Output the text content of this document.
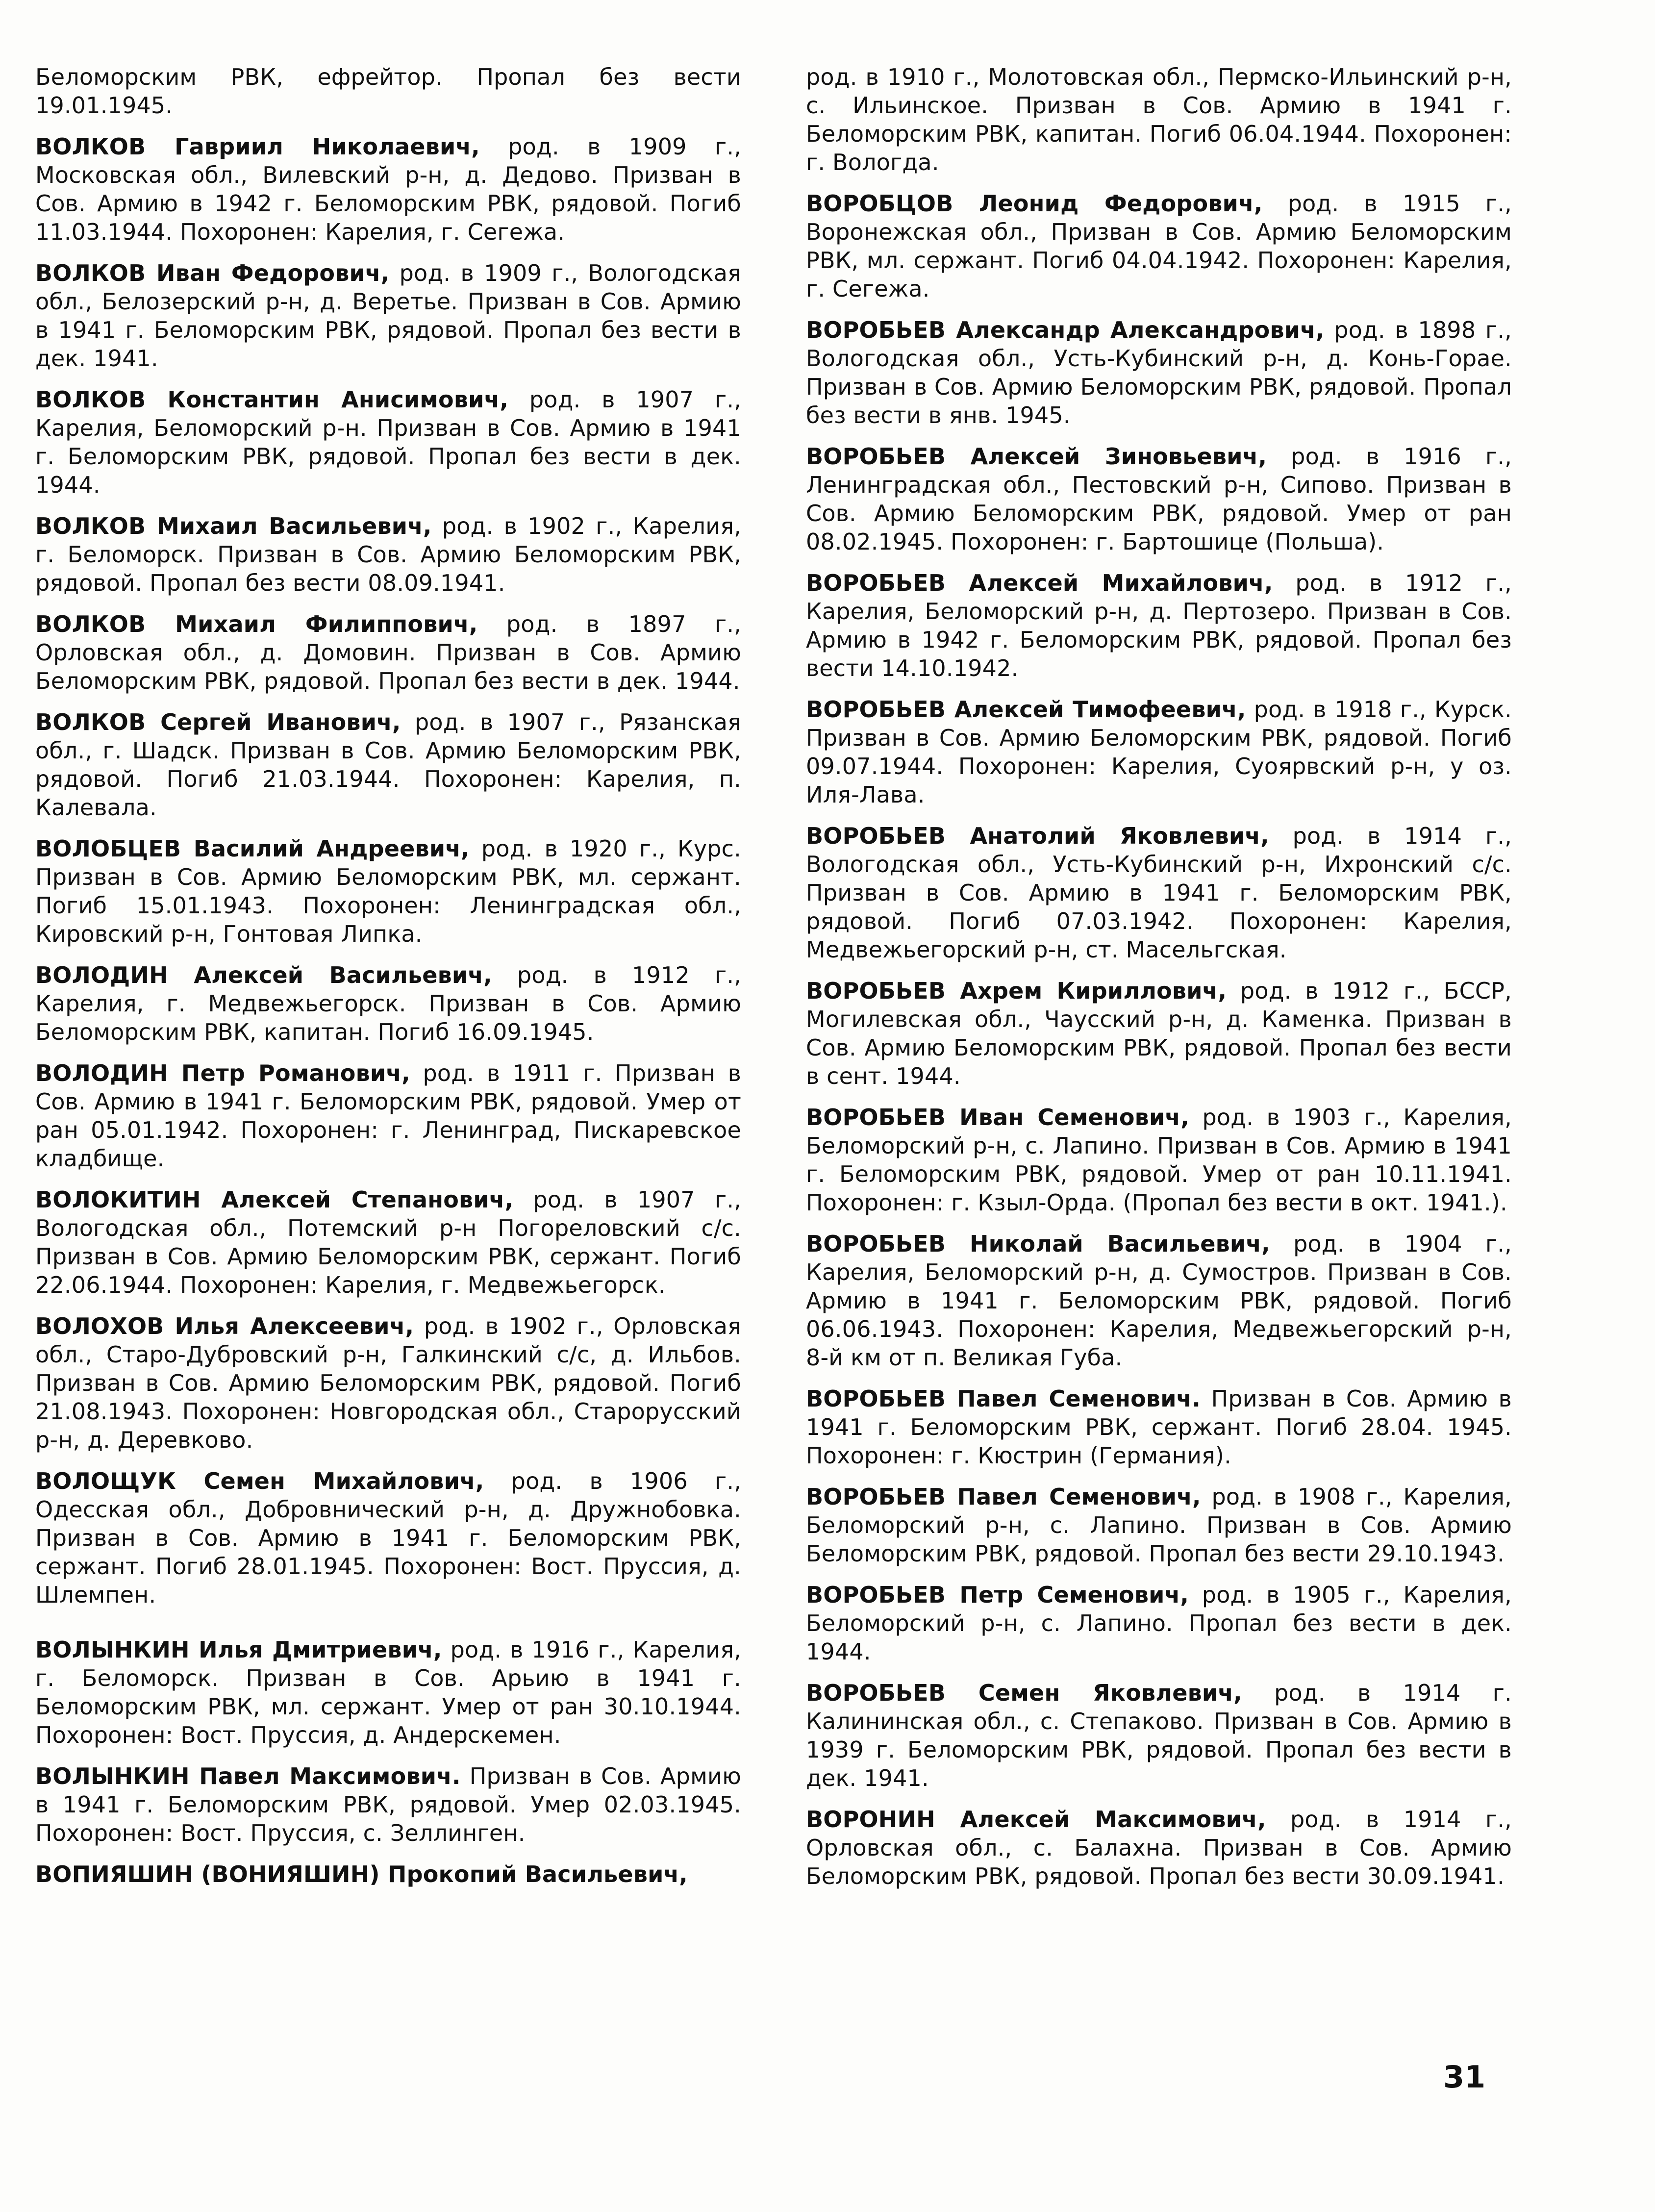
Беломорским РВК, ефрейтор. Пропал без вести 19.01.1945.

ВОЛКОВ Гавриил Николаевич, род. в 1909 г., Московская обл., Вилевский р-н, д. Дедово. Призван в Сов. Армию в 1942 г. Беломорским РВК, рядовой. Погиб 11.03.1944. Похоронен: Карелия, г. Сегежа.

ВОЛКОВ Иван Федорович, род. в 1909 г., Вологодская обл., Белозерский р-н, д. Веретье. Призван в Сов. Армию в 1941 г. Беломорским РВК, рядовой. Пропал без вести в дек. 1941.

ВОЛКОВ Константин Анисимович, род. в 1907 г., Карелия, Беломорский р-н. Призван в Сов. Армию в 1941 г. Беломорским РВК, рядовой. Пропал без вести в дек. 1944.

ВОЛКОВ Михаил Васильевич, род. в 1902 г., Карелия, г. Беломорск. Призван в Сов. Армию Беломорским РВК, рядовой. Пропал без вести 08.09.1941.

ВОЛКОВ Михаил Филиппович, род. в 1897 г., Орловская обл., д. Домовин. Призван в Сов. Армию Беломорским РВК, рядовой. Пропал без вести в дек. 1944.

ВОЛКОВ Сергей Иванович, род. в 1907 г., Рязанская обл., г. Шадск. Призван в Сов. Армию Беломорским РВК, рядовой. Погиб 21.03.1944. Похоронен: Карелия, п. Калевала.

ВОЛОБЦЕВ Василий Андреевич, род. в 1920 г., Курс. Призван в Сов. Армию Беломорским РВК, мл. сержант. Погиб 15.01.1943. Похоронен: Ленинградская обл., Кировский р-н, Гонтовая Липка.

ВОЛОДИН Алексей Васильевич, род. в 1912 г., Карелия, г. Медвежьегорск. Призван в Сов. Армию Беломорским РВК, капитан. Погиб 16.09.1945.

ВОЛОДИН Петр Романович, род. в 1911 г. Призван в Сов. Армию в 1941 г. Беломорским РВК, рядовой. Умер от ран 05.01.1942. Похоронен: г. Ленинград, Пискаревское кладбище.

ВОЛОКИТИН Алексей Степанович, род. в 1907 г., Вологодская обл., Потемский р-н Погореловский с/с. Призван в Сов. Армию Беломорским РВК, сержант. Погиб 22.06.1944. Похоронен: Карелия, г. Медвежьегорск.

ВОЛОХОВ Илья Алексеевич, род. в 1902 г., Орловская обл., Старо-Дубровский р-н, Галкинский с/с, д. Ильбов. Призван в Сов. Армию Беломорским РВК, рядовой. Погиб 21.08.1943. Похоронен: Новгородская обл., Старорусский р-н, д. Деревково.

ВОЛОЩУК Семен Михайлович, род. в 1906 г., Одесская обл., Добровничеcкий р-н, д. Дружнобовка. Призван в Сов. Армию в 1941 г. Беломорским РВК, сержант. Погиб 28.01.1945. Похоронен: Вост. Пруссия, д. Шлемпен.

ВОЛЫНКИН Илья Дмитриевич, род. в 1916 г., Карелия, г. Беломорск. Призван в Сов. Арьию в 1941 г. Беломорским РВК, мл. сержант. Умер от ран 30.10.1944. Похоронен: Вост. Пруссия, д. Андерскемен.

ВОЛЫНКИН Павел Максимович. Призван в Сов. Армию в 1941 г. Беломорским РВК, рядовой. Умер 02.03.1945. Похоронен: Вост. Пруссия, с. Зеллинген.

ВОПИЯШИН (ВОНИЯШИН) Прокопий Васильевич,

род. в 1910 г., Молотовская обл., Пермско-Ильинский р-н, с. Ильинское. Призван в Сов. Армию в 1941 г. Беломорским РВК, капитан. Погиб 06.04.1944. Похоронен: г. Вологда.

ВОРОБЦОВ Леонид Федорович, род. в 1915 г., Воронежская обл., Призван в Сов. Армию Беломорским РВК, мл. сержант. Погиб 04.04.1942. Похоронен: Карелия, г. Сегежа.

ВОРОБЬЕВ Александр Александрович, род. в 1898 г., Вологодская обл., Усть-Кубинский р-н, д. Конь-Горае. Призван в Сов. Армию Беломорским РВК, рядовой. Пропал без вести в янв. 1945.

ВОРОБЬЕВ Алексей Зиновьевич, род. в 1916 г., Ленинградская обл., Пестовский р-н, Сипово. Призван в Сов. Армию Беломорским РВК, рядовой. Умер от ран 08.02.1945. Похоронен: г. Бартошице (Польша).

ВОРОБЬЕВ Алексей Михайлович, род. в 1912 г., Карелия, Беломорский р-н, д. Пертозеро. Призван в Сов. Армию в 1942 г. Беломорским РВК, рядовой. Пропал без вести 14.10.1942.

ВОРОБЬЕВ Алексей Тимофеевич, род. в 1918 г., Курск. Призван в Сов. Армию Беломорским РВК, рядовой. Погиб 09.07.1944. Похоронен: Карелия, Суоярвский р-н, у оз. Иля-Лава.

ВОРОБЬЕВ Анатолий Яковлевич, род. в 1914 г., Вологодская обл., Усть-Кубинский р-н, Ихронский с/с. Призван в Сов. Армию в 1941 г. Беломорским РВК, рядовой. Погиб 07.03.1942. Похоронен: Карелия, Медвежьегорский р-н, ст. Масельгская.

ВОРОБЬЕВ Ахрем Кириллович, род. в 1912 г., БССР, Могилевская обл., Чаусский р-н, д. Каменка. Призван в Сов. Армию Беломорским РВК, рядовой. Пропал без вести в сент. 1944.

ВОРОБЬЕВ Иван Семенович, род. в 1903 г., Карелия, Беломорский р-н, с. Лапино. Призван в Сов. Армию в 1941 г. Беломорским РВК, рядовой. Умер от ран 10.11.1941. Похоронен: г. Кзыл-Орда. (Пропал без вести в окт. 1941.).

ВОРОБЬЕВ Николай Васильевич, род. в 1904 г., Карелия, Беломорский р-н, д. Сумостров. Призван в Сов. Армию в 1941 г. Беломорским РВК, рядовой. Погиб 06.06.1943. Похоронен: Карелия, Медвежьегорский р-н, 8-й км от п. Великая Губа.

ВОРОБЬЕВ Павел Семенович. Призван в Сов. Армию в 1941 г. Беломорским РВК, сержант. Погиб 28.04. 1945. Похоронен: г. Кюстрин (Германия).

ВОРОБЬЕВ Павел Семенович, род. в 1908 г., Карелия, Беломорский р-н, с. Лапино. Призван в Сов. Армию Беломорским РВК, рядовой. Пропал без вести 29.10.1943.

ВОРОБЬЕВ Петр Семенович, род. в 1905 г., Карелия, Беломорский р-н, с. Лапино. Пропал без вести в дек. 1944.

ВОРОБЬЕВ Семен Яковлевич, род. в 1914 г. Калининская обл., с. Степаково. Призван в Сов. Армию в 1939 г. Беломорским РВК, рядовой. Пропал без вести в дек. 1941.

ВОРОНИН Алексей Максимович, род. в 1914 г., Орловская обл., с. Балахна. Призван в Сов. Армию Беломорским РВК, рядовой. Пропал без вести 30.09.1941.

31
